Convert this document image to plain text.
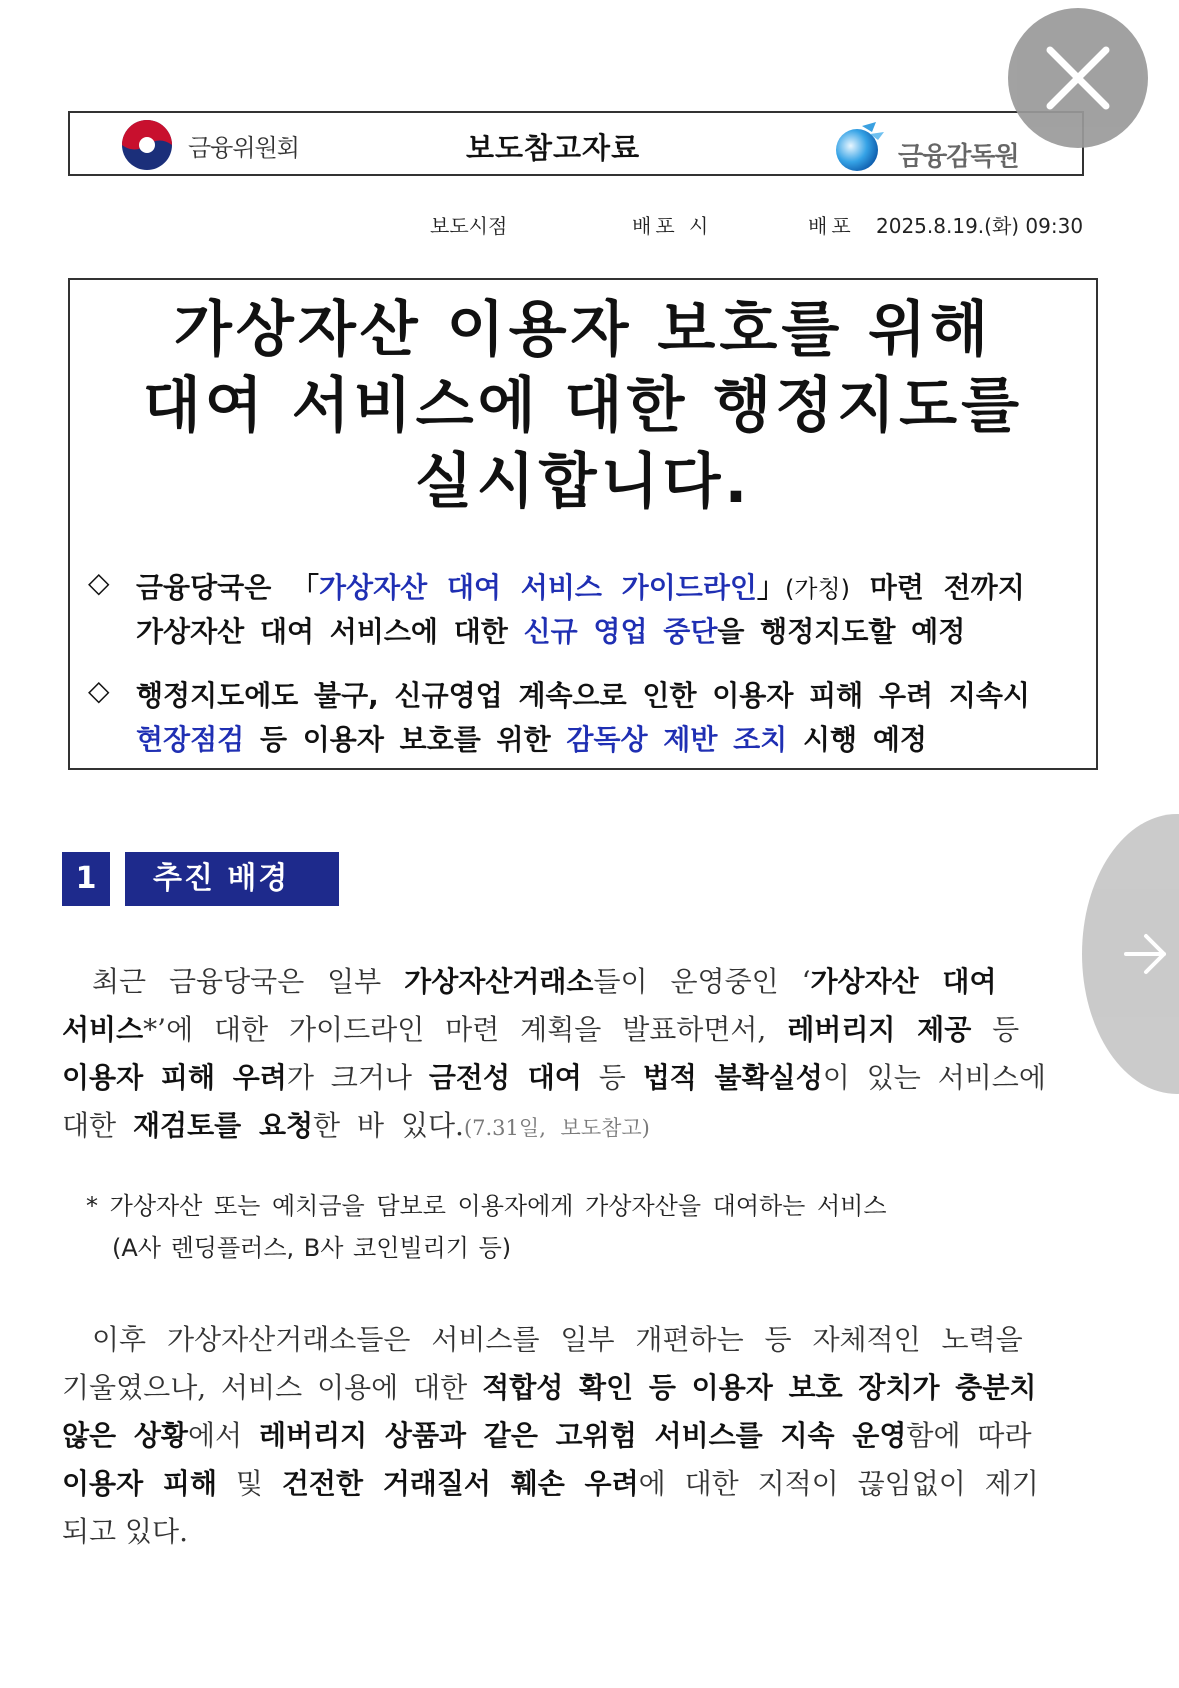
금융위원회	보도참고자료	금융감독원
보도시점	배포 시	배포 2025.8.19.(화) 09:30
가상자산 이용자 보호를 위해
대여 서비스에 대한 행정지도를
실시합니다.
◇ 금융당국은 「가상자산 대여 서비스 가이드라인」(가칭) 마련 전까지
가상자산 대여 서비스에 대한 신규 영업 중단을 행정지도할 예정
◇ 행정지도에도 불구, 신규영업 계속으로 인한 이용자 피해 우려 지속시
현장점검 등 이용자 보호를 위한 감독상 제반 조치 시행 예정
1	추진 배경
최근 금융당국은 일부 가상자산거래소들이 운영중인 ‘가상자산 대여
서비스*’에 대한 가이드라인 마련 계획을 발표하면서, 레버리지 제공 등
이용자 피해 우려가 크거나 금전성 대여 등 법적 불확실성이 있는 서비스에
대한 재검토를 요청한 바 있다.(7.31일, 보도참고)
* 가상자산 또는 예치금을 담보로 이용자에게 가상자산을 대여하는 서비스
(A사 렌딩플러스, B사 코인빌리기 등)
이후 가상자산거래소들은 서비스를 일부 개편하는 등 자체적인 노력을
기울였으나, 서비스 이용에 대한 적합성 확인 등 이용자 보호 장치가 충분치
않은 상황에서 레버리지 상품과 같은 고위험 서비스를 지속 운영함에 따라
이용자 피해 및 건전한 거래질서 훼손 우려에 대한 지적이 끊임없이 제기
되고 있다.
